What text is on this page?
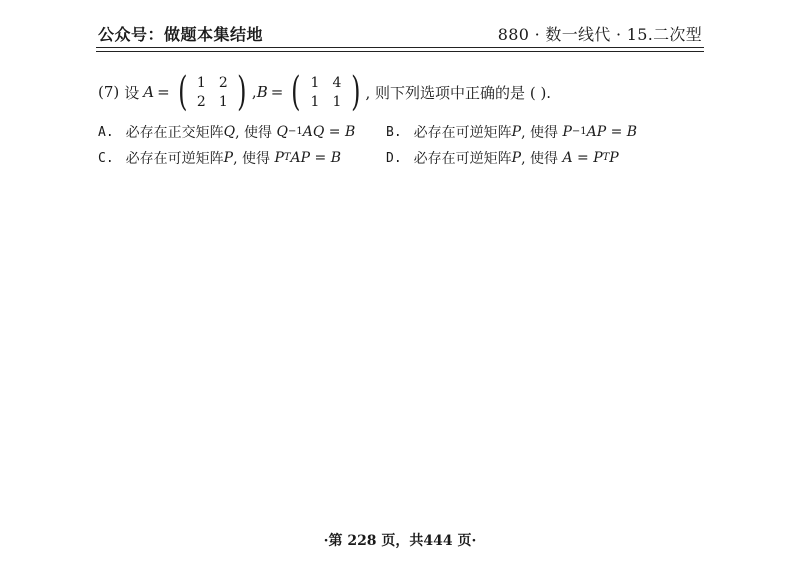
公众号：做题本集结地	880 · 数一线代 · 15.二次型
(7) 设 A = ( 1 2
2 1 ) , B = ( 1 4
1 1 ) , 则下列选项中正确的是 ( ).
A. 必存在正交矩阵 Q , 使得 Q −1 AQ = B B. 必存在可逆矩阵 P , 使得 P −1 AP = B
C. 必存在可逆矩阵 P , 使得 P T AP = B	D. 必存在可逆矩阵 P , 使得 A = P T P
·第 228 页，共444 页·
